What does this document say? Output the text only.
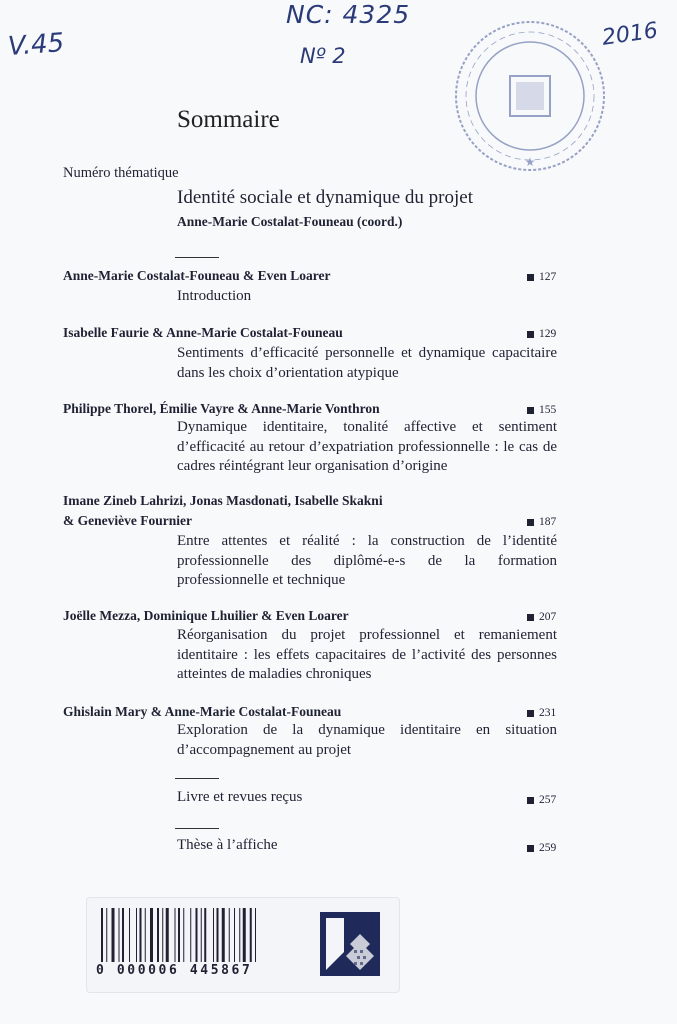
V.45
NC: 4325
Nº 2
2016
★
Sommaire
Numéro thématique
Identité sociale et dynamique du projet
Anne-Marie Costalat-Founeau (coord.)
Anne-Marie Costalat-Founeau & Even Loarer	127
Introduction
Isabelle Faurie & Anne-Marie Costalat-Founeau	129
Sentiments d’efficacité personnelle et dynamique capacitaire dans les choix d’orientation atypique
Philippe Thorel, Émilie Vayre & Anne-Marie Vonthron	155
Dynamique identitaire, tonalité affective et sentiment d’efficacité au retour d’expatriation professionnelle : le cas de cadres réintégrant leur organisation d’origine
Imane Zineb Lahrizi, Jonas Masdonati, Isabelle Skakni
& Geneviève Fournier	187
Entre attentes et réalité : la construction de l’identité professionnelle des diplômé-e-s de la formation professionnelle et technique
Joëlle Mezza, Dominique Lhuilier & Even Loarer	207
Réorganisation du projet professionnel et remaniement identitaire : les effets capacitaires de l’activité des personnes atteintes de maladies chroniques
Ghislain Mary & Anne-Marie Costalat-Founeau	231
Exploration de la dynamique identitaire en situation d’accompagnement au projet
Livre et revues reçus	257
Thèse à l’affiche	259
0 000006 445867
